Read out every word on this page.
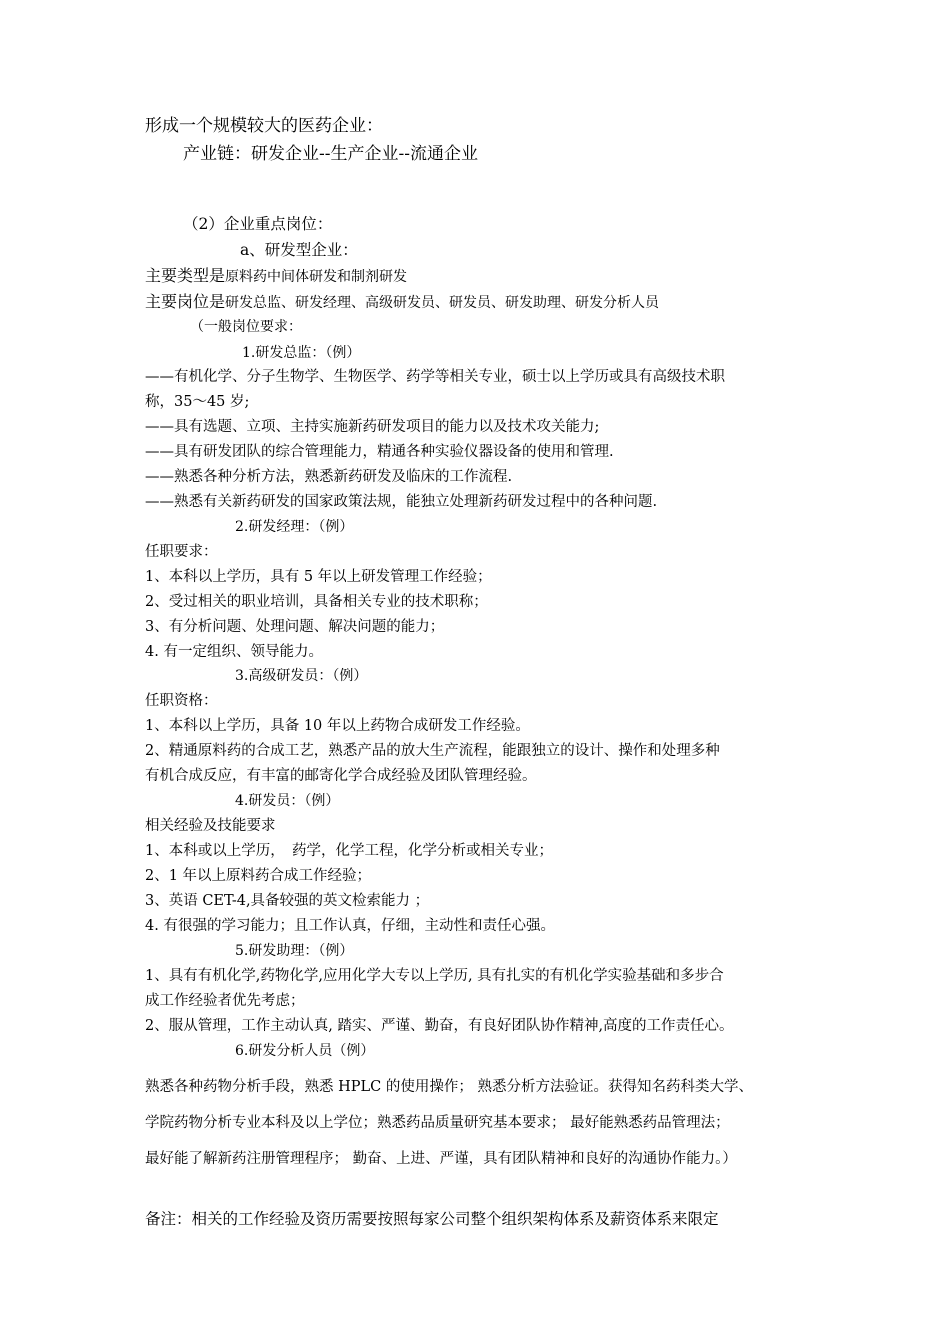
形成一个规模较大的医药企业：
产业链：研发企业--生产企业--流通企业
（2）企业重点岗位：
a、研发型企业：
主要类型是原料药中间体研发和制剂研发
主要岗位是研发总监、研发经理、高级研发员、研发员、研发助理、研发分析人员
（一般岗位要求：
1.研发总监：（例）
——有机化学、分子生物学、生物医学、药学等相关专业，硕士以上学历或具有高级技术职
称，35～45 岁;
——具有选题、立项、主持实施新药研发项目的能力以及技术攻关能力;
——具有研发团队的综合管理能力，精通各种实验仪器设备的使用和管理.
——熟悉各种分析方法，熟悉新药研发及临床的工作流程.
——熟悉有关新药研发的国家政策法规，能独立处理新药研发过程中的各种问题.
2.研发经理：（例）
任职要求：
1、本科以上学历，具有 5 年以上研发管理工作经验；
2、受过相关的职业培训，具备相关专业的技术职称；
3、有分析问题、处理问题、解决问题的能力；
4. 有一定组织、领导能力。
3.高级研发员：（例）
任职资格：
1、本科以上学历，具备 10 年以上药物合成研发工作经验。
2、精通原料药的合成工艺，熟悉产品的放大生产流程，能跟独立的设计、操作和处理多种
有机合成反应，有丰富的邮寄化学合成经验及团队管理经验。
4.研发员：（例）
相关经验及技能要求
1、本科或以上学历，　药学，化学工程，化学分析或相关专业；
2、1 年以上原料药合成工作经验；
3、英语 CET-4,具备较强的英文检索能力 ；
4. 有很强的学习能力；且工作认真，仔细，主动性和责任心强。
5.研发助理：（例）
1、具有有机化学,药物化学,应用化学大专以上学历, 具有扎实的有机化学实验基础和多步合
成工作经验者优先考虑；
2、服从管理，工作主动认真, 踏实、严谨、勤奋，有良好团队协作精神,高度的工作责任心。
6.研发分析人员（例）
熟悉各种药物分析手段，熟悉 HPLC 的使用操作； 熟悉分析方法验证。获得知名药科类大学、
学院药物分析专业本科及以上学位；熟悉药品质量研究基本要求； 最好能熟悉药品管理法；
最好能了解新药注册管理程序； 勤奋、上进、严谨，具有团队精神和良好的沟通协作能力。）
备注：相关的工作经验及资历需要按照每家公司整个组织架构体系及薪资体系来限定
